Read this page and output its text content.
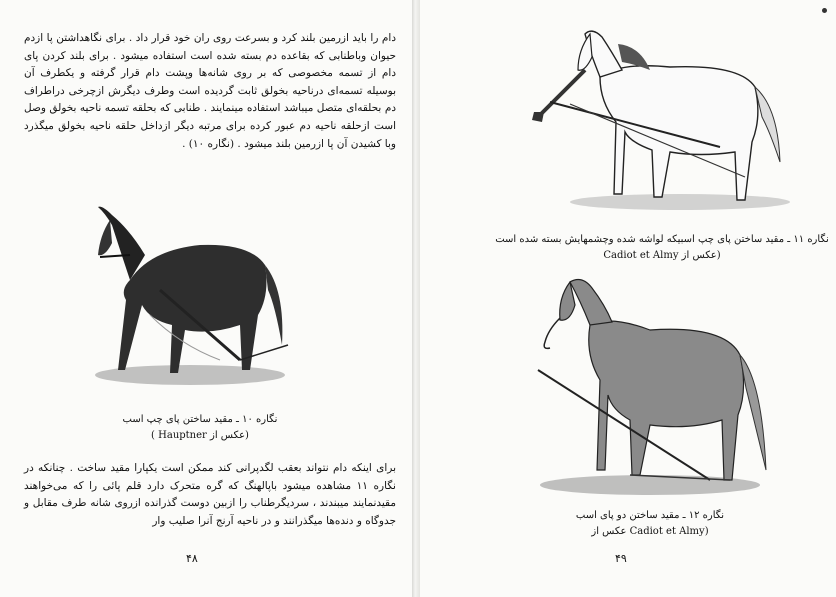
دام را باید ازرمین بلند کرد و بسرعت روی ران خود قرار داد . برای نگاهداشتن پا ازدم حیوان وباطنابی که بقاعده دم بسته شده است استفاده میشود . برای بلند کردن پای دام از تسمه مخصوصی که بر روی شانه‌ها وپشت دام قرار گرفته و یکطرف آن بوسیله تسمه‌ای درناحیه بخولق ثابت گردیده است وطرف دیگرش ازچرخی دراطراف دم بحلقه‌ای متصل میباشد استفاده مینمایند . طنابی که بحلقه تسمه ناحیه بخولق وصل است ازحلقه ناحیه دم عبور کرده برای مرتبه دیگر ازداخل حلقه ناحیه بخولق میگذرد وبا کشیدن آن پا ازرمین بلند میشود . (نگاره ۱۰) .

نگاره ۱۰ ـ مقید ساختن پای چپ اسب
(عکس از Hauptner )

برای اینکه دام نتواند بعقب لگدپرانی کند ممکن است یکپارا مقید ساخت . چنانکه در نگاره ۱۱ مشاهده میشود باپالهنگ که گره متحرک دارد قلم پائی را که می‌خواهند مقیدنمایند میبندند ، سردیگرطناب را ازبین دوست گذرانده ازروی شانه طرف مقابل و جدوگاه و دنده‌ها میگذرانند و در ناحیه آرنج آنرا صلیب وار

۴۸
نگاره ۱۱ ـ مقید ساختن پای چپ اسبیکه لواشه شده وچشمهایش بسته شده است
(عکس از Cadiot et Almy
نگاره ۱۲ ـ مقید ساختن دو پای اسب
(Cadiot et Almy عکس از
۴۹
